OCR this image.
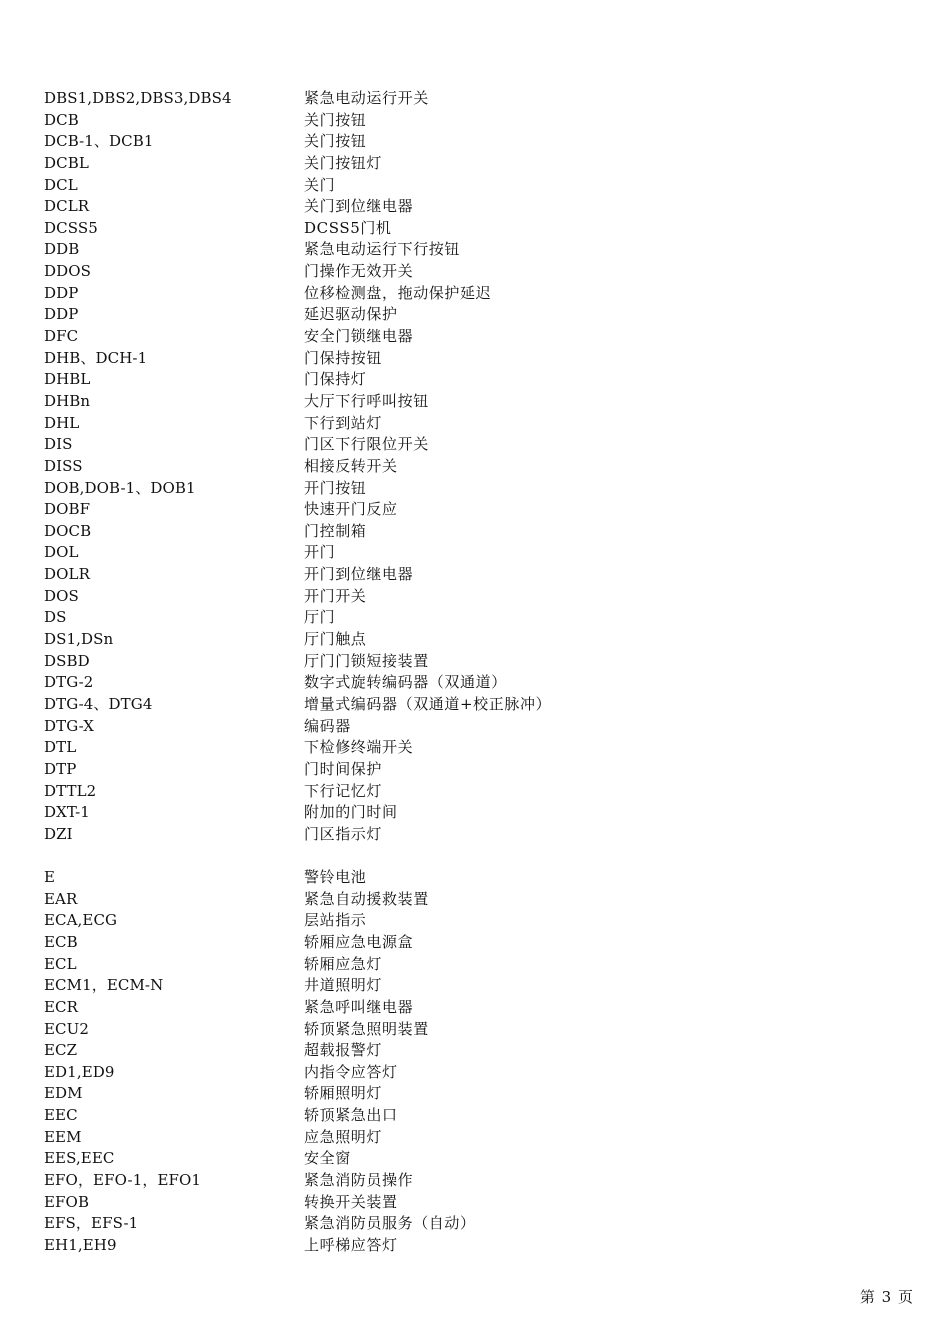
DBS1,DBS2,DBS3,DBS4	紧急电动运行开关
DCB	关门按钮
DCB-1、DCB1	关门按钮
DCBL	关门按钮灯
DCL	关门
DCLR	关门到位继电器
DCSS5	DCSS5门机
DDB	紧急电动运行下行按钮
DDOS	门操作无效开关
DDP	位移检测盘，拖动保护延迟
DDP	延迟驱动保护
DFC	安全门锁继电器
DHB、DCH-1	门保持按钮
DHBL	门保持灯
DHBn	大厅下行呼叫按钮
DHL	下行到站灯
DIS	门区下行限位开关
DISS	相接反转开关
DOB,DOB-1、DOB1	开门按钮
DOBF	快速开门反应
DOCB	门控制箱
DOL	开门
DOLR	开门到位继电器
DOS	开门开关
DS	厅门
DS1,DSn	厅门触点
DSBD	厅门门锁短接装置
DTG-2	数字式旋转编码器（双通道）
DTG-4、DTG4	增量式编码器（双通道+校正脉冲）
DTG-X	编码器
DTL	下检修终端开关
DTP	门时间保护
DTTL2	下行记忆灯
DXT-1	附加的门时间
DZI	门区指示灯
E	警铃电池
EAR	紧急自动援救装置
ECA,ECG	层站指示
ECB	轿厢应急电源盒
ECL	轿厢应急灯
ECM1，ECM-N	井道照明灯
ECR	紧急呼叫继电器
ECU2	轿顶紧急照明装置
ECZ	超载报警灯
ED1,ED9	内指令应答灯
EDM	轿厢照明灯
EEC	轿顶紧急出口
EEM	应急照明灯
EES,EEC	安全窗
EFO，EFO-1，EFO1	紧急消防员操作
EFOB	转换开关装置
EFS，EFS-1	紧急消防员服务（自动）
EH1,EH9	上呼梯应答灯
第 3 页
